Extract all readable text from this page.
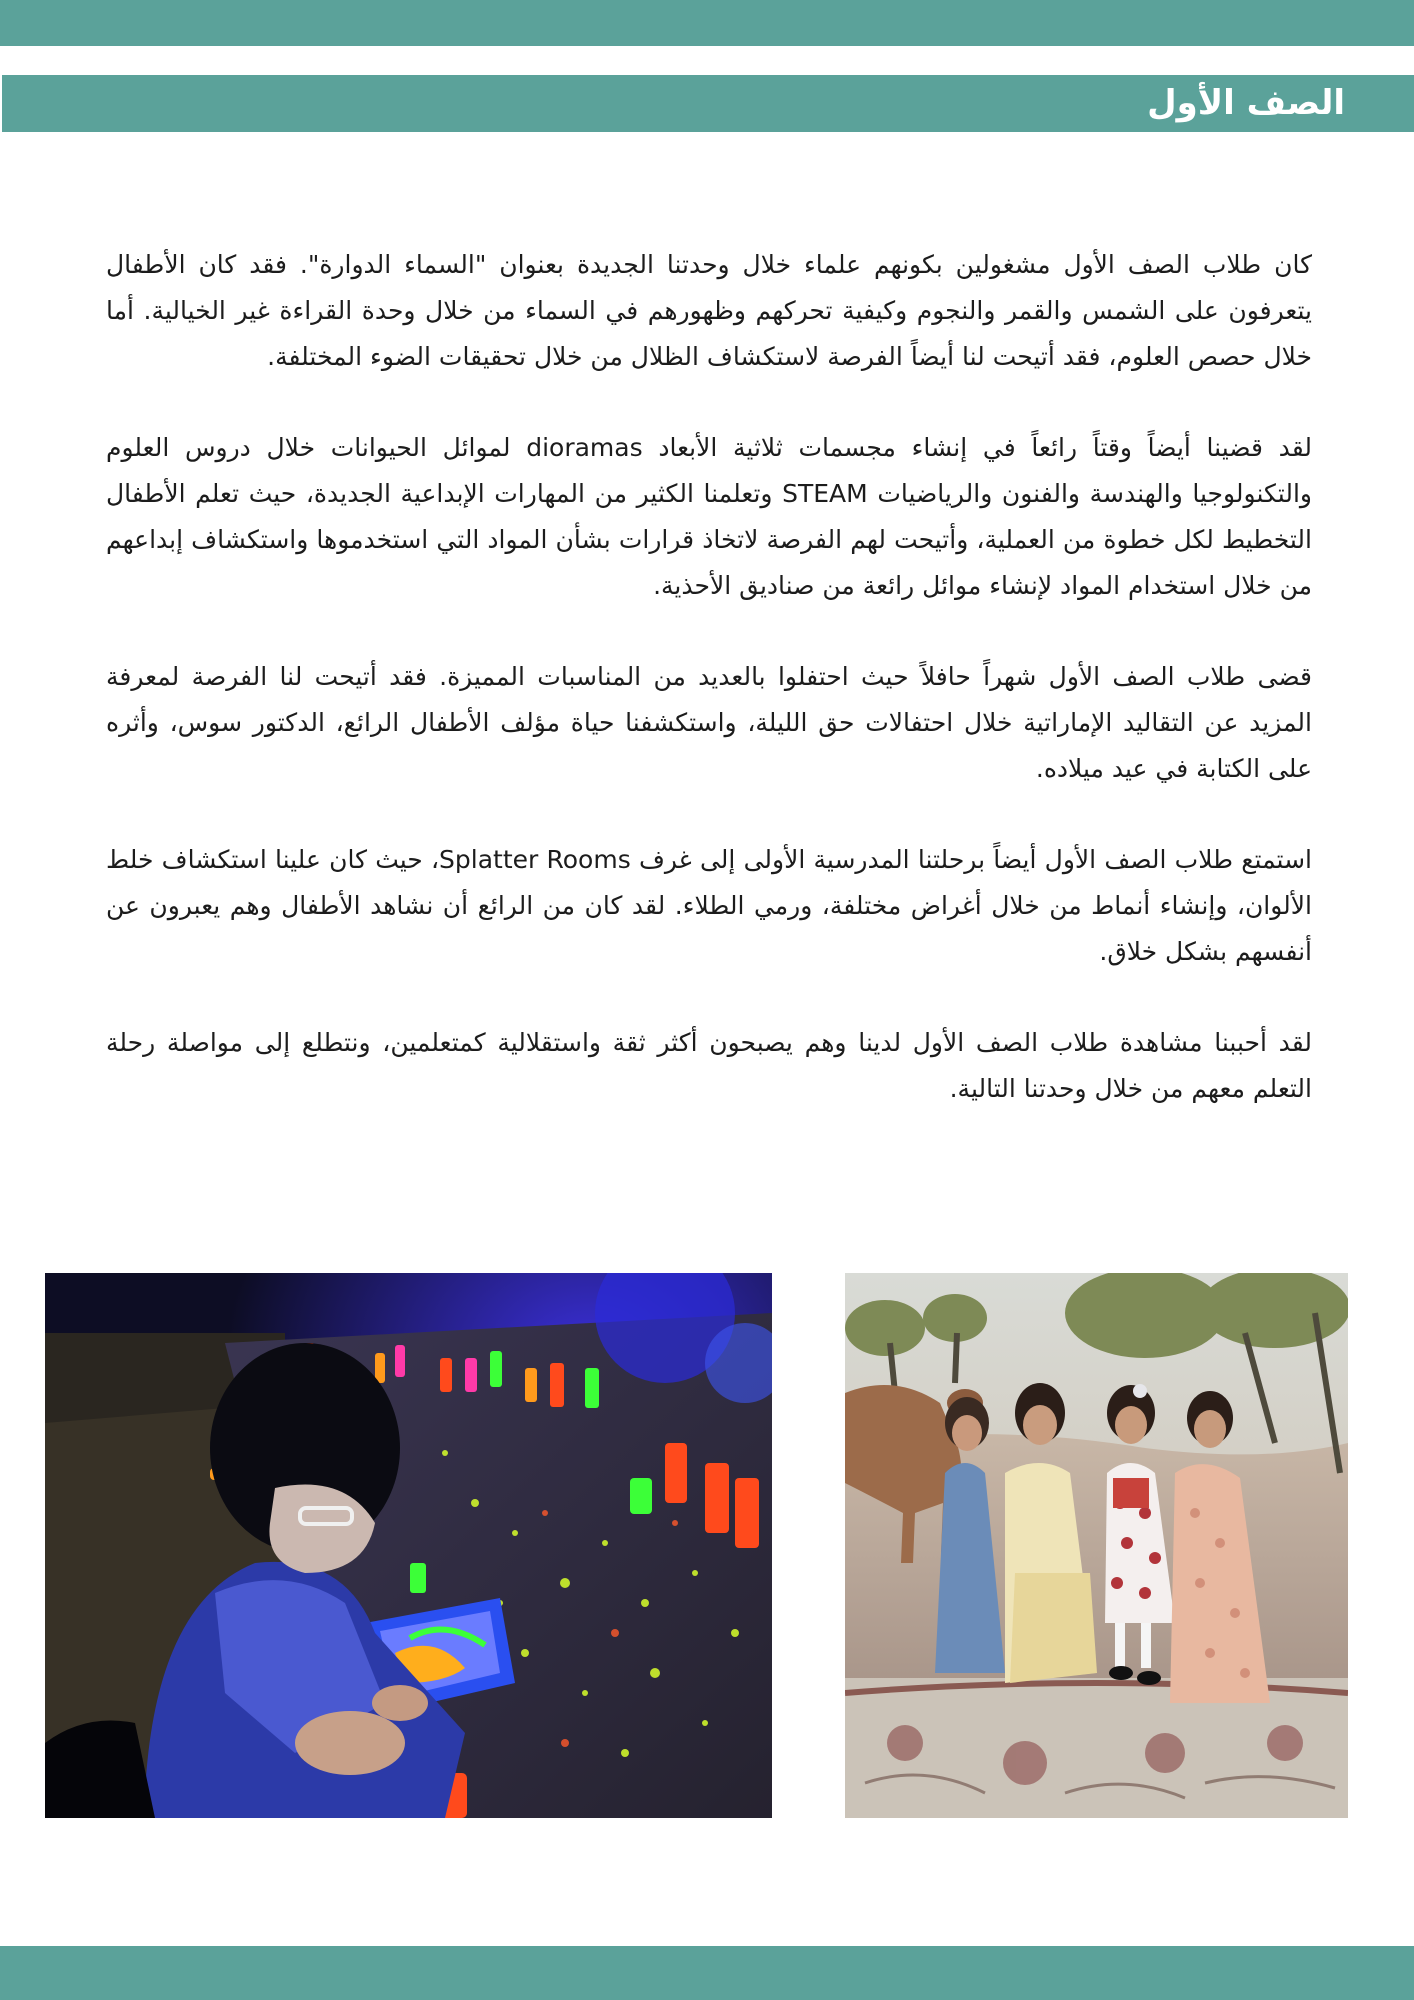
الصف الأول

كان طلاب الصف الأول مشغولين بكونهم علماء خلال وحدتنا الجديدة بعنوان "السماء الدوارة". فقد كان الأطفال يتعرفون على الشمس والقمر والنجوم وكيفية تحركهم وظهورهم في السماء من خلال وحدة القراءة غير الخيالية. أما خلال حصص العلوم، فقد أتيحت لنا أيضاً الفرصة لاستكشاف الظلال من خلال تحقيقات الضوء المختلفة.

لقد قضينا أيضاً وقتاً رائعاً في إنشاء مجسمات ثلاثية الأبعاد dioramas لموائل الحيوانات خلال دروس العلوم والتكنولوجيا والهندسة والفنون والرياضيات STEAM وتعلمنا الكثير من المهارات الإبداعية الجديدة، حيث تعلم الأطفال التخطيط لكل خطوة من العملية، وأتيحت لهم الفرصة لاتخاذ قرارات بشأن المواد التي استخدموها واستكشاف إبداعهم من خلال استخدام المواد لإنشاء موائل رائعة من صناديق الأحذية.

قضى طلاب الصف الأول شهراً حافلاً حيث احتفلوا بالعديد من المناسبات المميزة. فقد أتيحت لنا الفرصة لمعرفة المزيد عن التقاليد الإماراتية خلال احتفالات حق الليلة، واستكشفنا حياة مؤلف الأطفال الرائع، الدكتور سوس، وأثره على الكتابة في عيد ميلاده.

استمتع طلاب الصف الأول أيضاً برحلتنا المدرسية الأولى إلى غرف Splatter Rooms، حيث كان علينا استكشاف خلط الألوان، وإنشاء أنماط من خلال أغراض مختلفة، ورمي الطلاء. لقد كان من الرائع أن نشاهد الأطفال وهم يعبرون عن أنفسهم بشكل خلاق.

لقد أحببنا مشاهدة طلاب الصف الأول لدينا وهم يصبحون أكثر ثقة واستقلالية كمتعلمين، ونتطلع إلى مواصلة رحلة التعلم معهم من خلال وحدتنا التالية.
